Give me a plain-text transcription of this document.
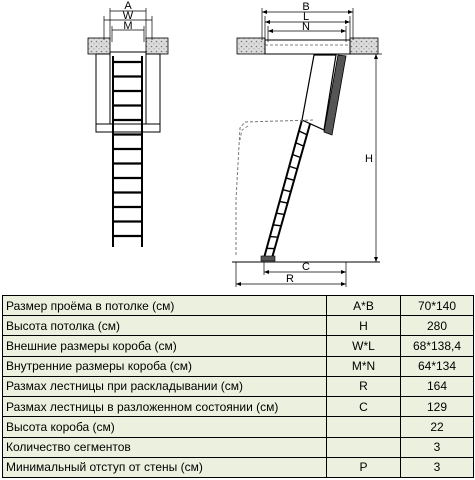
A
W
M
B
L
N
H
C
R
Размер проёма в потолке (см)	A*B	70*140
Высота потолка (см)	H	280
Внешние размеры короба (см)	W*L	68*138,4
Внутренние размеры короба (см)	M*N	64*134
Размах лестницы при раскладывании (см)	R	164
Размах лестницы в разложенном состоянии (см)	C	129
Высота короба (см)		22
Количество сегментов		3
Минимальный отступ от стены (см)	P	3
